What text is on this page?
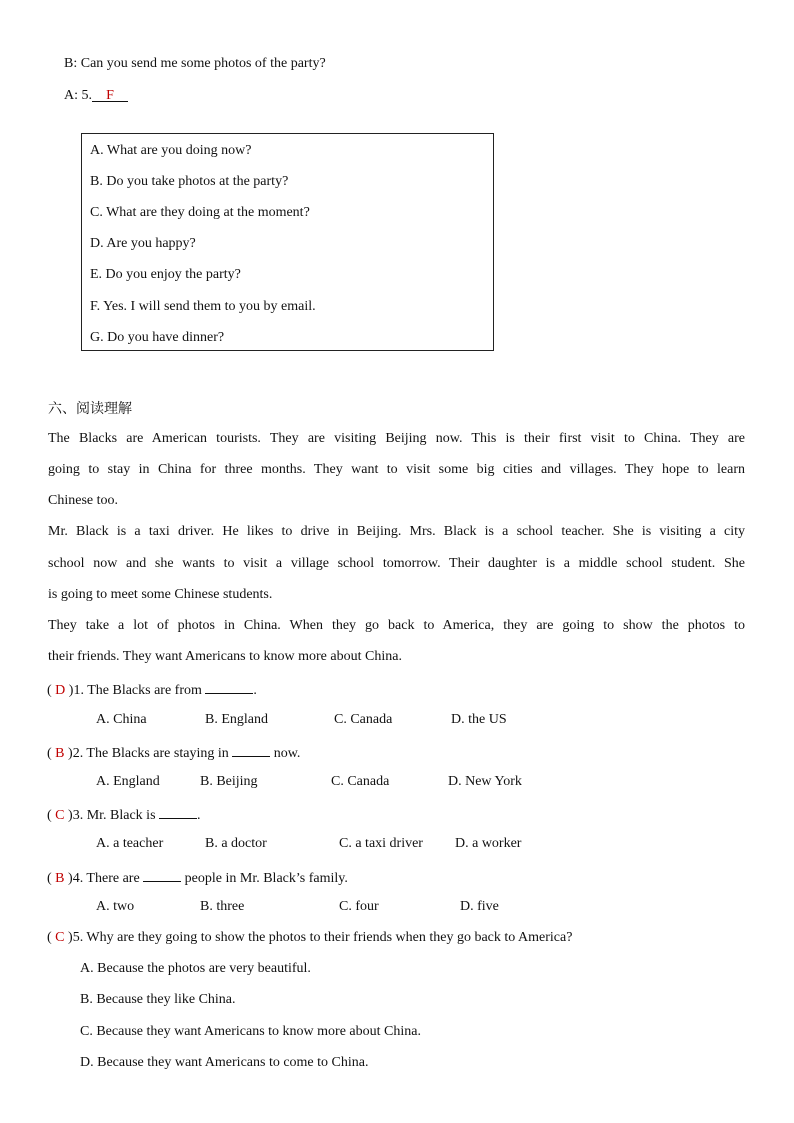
B: Can you send me some photos of the party?
A: 5. F
A. What are you doing now?
B. Do you take photos at the party?
C. What are they doing at the moment?
D. Are you happy?
E. Do you enjoy the party?
F. Yes. I will send them to you by email.
G. Do you have dinner?
六、阅读理解
The Blacks are American tourists. They are visiting Beijing now. This is their first visit to China. They are
going to stay in China for three months. They want to visit some big cities and villages. They hope to learn
Chinese too.
Mr. Black is a taxi driver. He likes to drive in Beijing. Mrs. Black is a school teacher. She is visiting a city
school now and she wants to visit a village school tomorrow. Their daughter is a middle school student. She
is going to meet some Chinese students.
They take a lot of photos in China. When they go back to America, they are going to show the photos to
their friends. They want Americans to know more about China.
( D )1. The Blacks are from	.
A. China	B. England	C. Canada	D. the US
( B )2. The Blacks are staying in	now.
A. England	B. Beijing	C. Canada	D. New York
( C )3. Mr. Black is	.
A. a teacher	B. a doctor	C. a taxi driver D. a worker
( B )4. There are	people in Mr. Black’s family.
A. two	B. three	C. four	D. five
( C )5. Why are they going to show the photos to their friends when they go back to America?
A. Because the photos are very beautiful.
B. Because they like China.
C. Because they want Americans to know more about China.
D. Because they want Americans to come to China.
